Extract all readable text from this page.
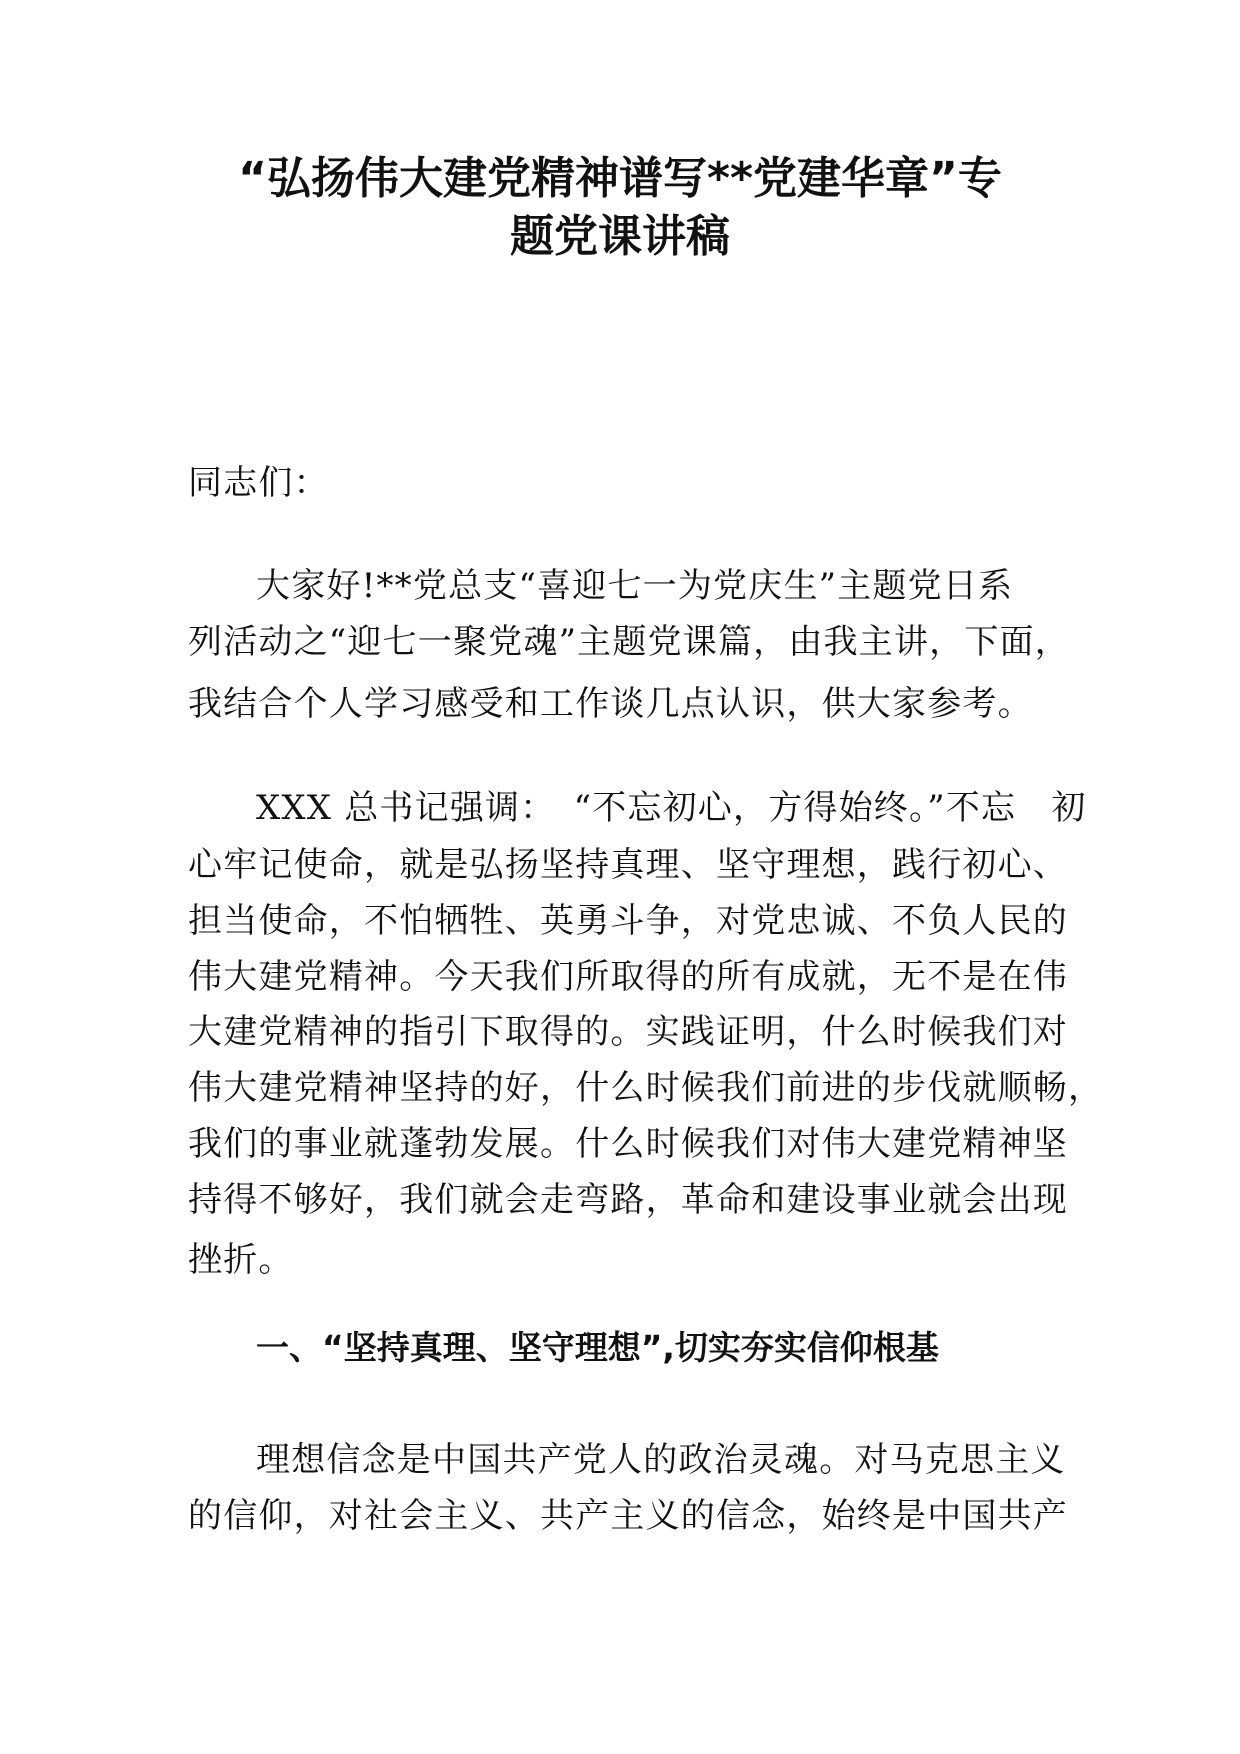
“弘扬伟大建党精神谱写**党建华章”专
题党课讲稿

同志们：

大家好!**党总支“喜迎七一为党庆生”主题党日系

列活动之“迎七一聚党魂”主题党课篇，由我主讲，下面，

我结合个人学习感受和工作谈几点认识，供大家参考。

XXX 总书记强调：　“不忘初心，方得始终。”不忘　初

心牢记使命，就是弘扬坚持真理、坚守理想，践行初心、

担当使命，不怕牺牲、英勇斗争，对党忠诚、不负人民的

伟大建党精神。今天我们所取得的所有成就，无不是在伟

大建党精神的指引下取得的。实践证明，什么时候我们对

伟大建党精神坚持的好，什么时候我们前进的步伐就顺畅，

我们的事业就蓬勃发展。什么时候我们对伟大建党精神坚

持得不够好，我们就会走弯路，革命和建设事业就会出现

挫折。

一、“坚持真理、坚守理想”,切实夯实信仰根基

理想信念是中国共产党人的政治灵魂。对马克思主义

的信仰，对社会主义、共产主义的信念，始终是中国共产
